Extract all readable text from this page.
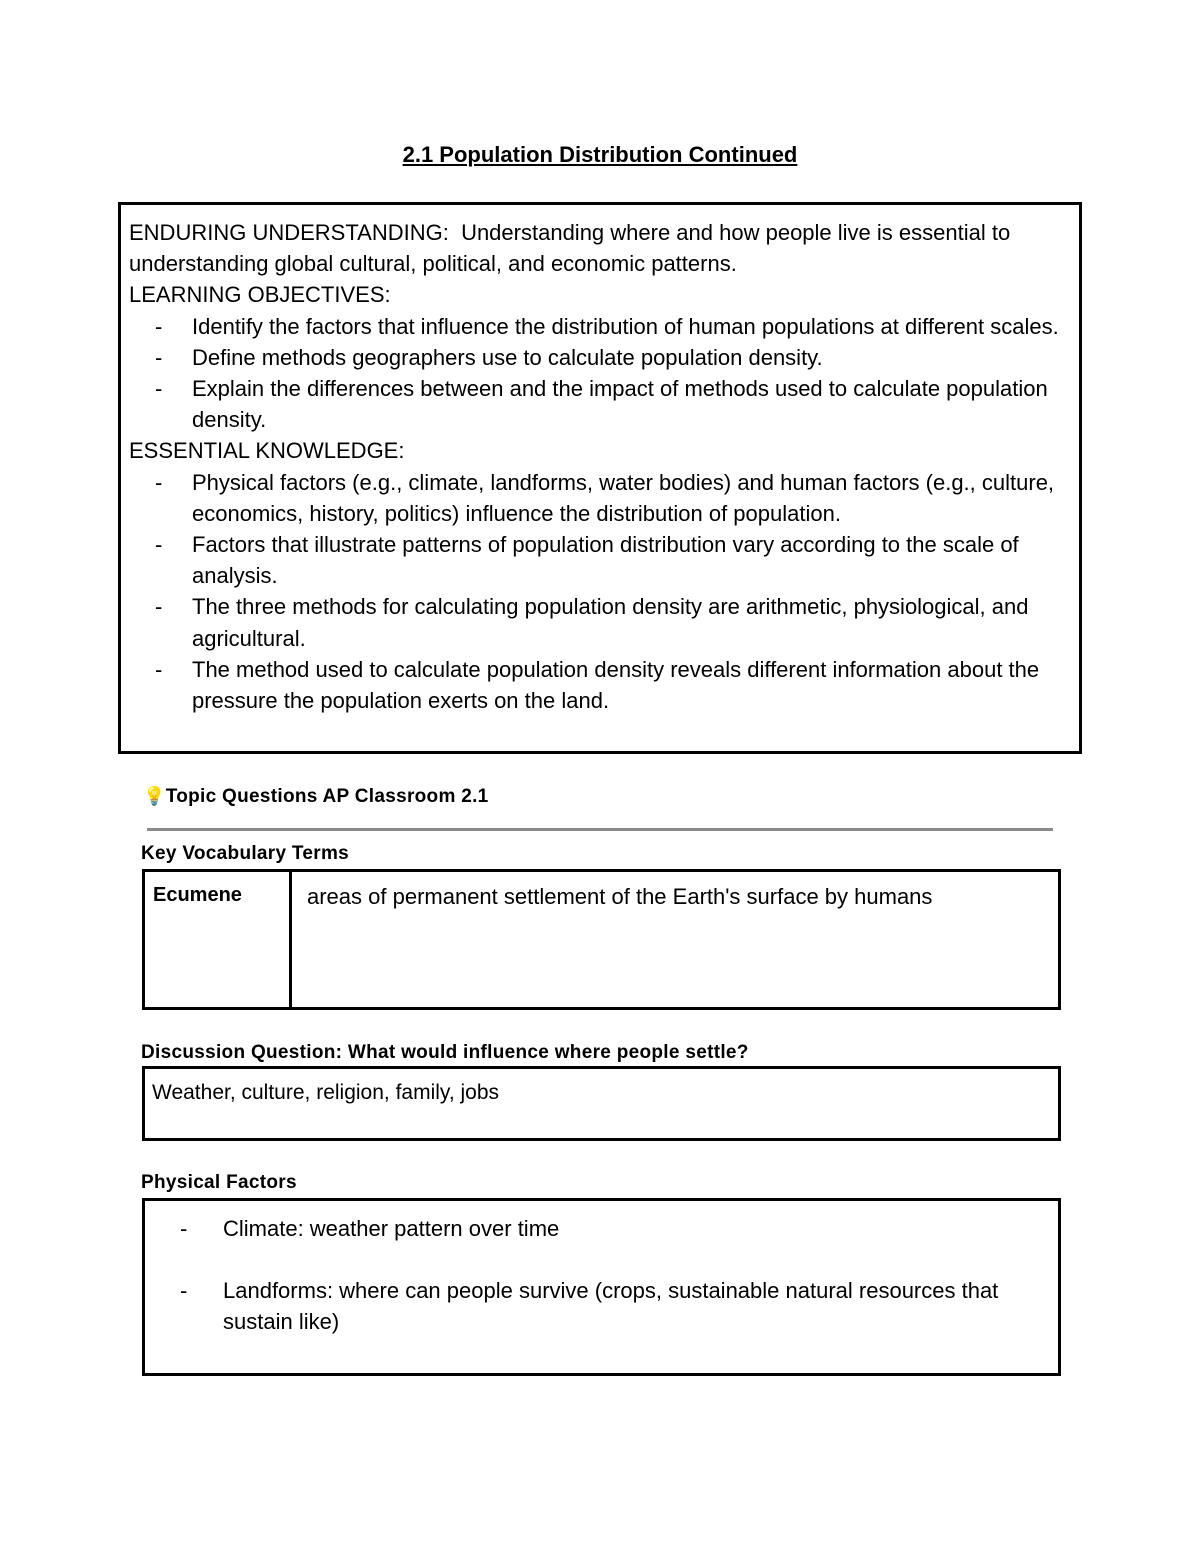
2.1 Population Distribution Continued
ENDURING UNDERSTANDING: Understanding where and how people live is essential to understanding global cultural, political, and economic patterns.
LEARNING OBJECTIVES:
- Identify the factors that influence the distribution of human populations at different scales.
- Define methods geographers use to calculate population density.
- Explain the differences between and the impact of methods used to calculate population density.
ESSENTIAL KNOWLEDGE:
- Physical factors (e.g., climate, landforms, water bodies) and human factors (e.g., culture, economics, history, politics) influence the distribution of population.
- Factors that illustrate patterns of population distribution vary according to the scale of analysis.
- The three methods for calculating population density are arithmetic, physiological, and agricultural.
- The method used to calculate population density reveals different information about the pressure the population exerts on the land.
💡Topic Questions AP Classroom 2.1
Key Vocabulary Terms
Ecumene	areas of permanent settlement of the Earth's surface by humans
Discussion Question: What would influence where people settle?
Weather, culture, religion, family, jobs
Physical Factors
- Climate: weather pattern over time
- Landforms: where can people survive (crops, sustainable natural resources that sustain like)
